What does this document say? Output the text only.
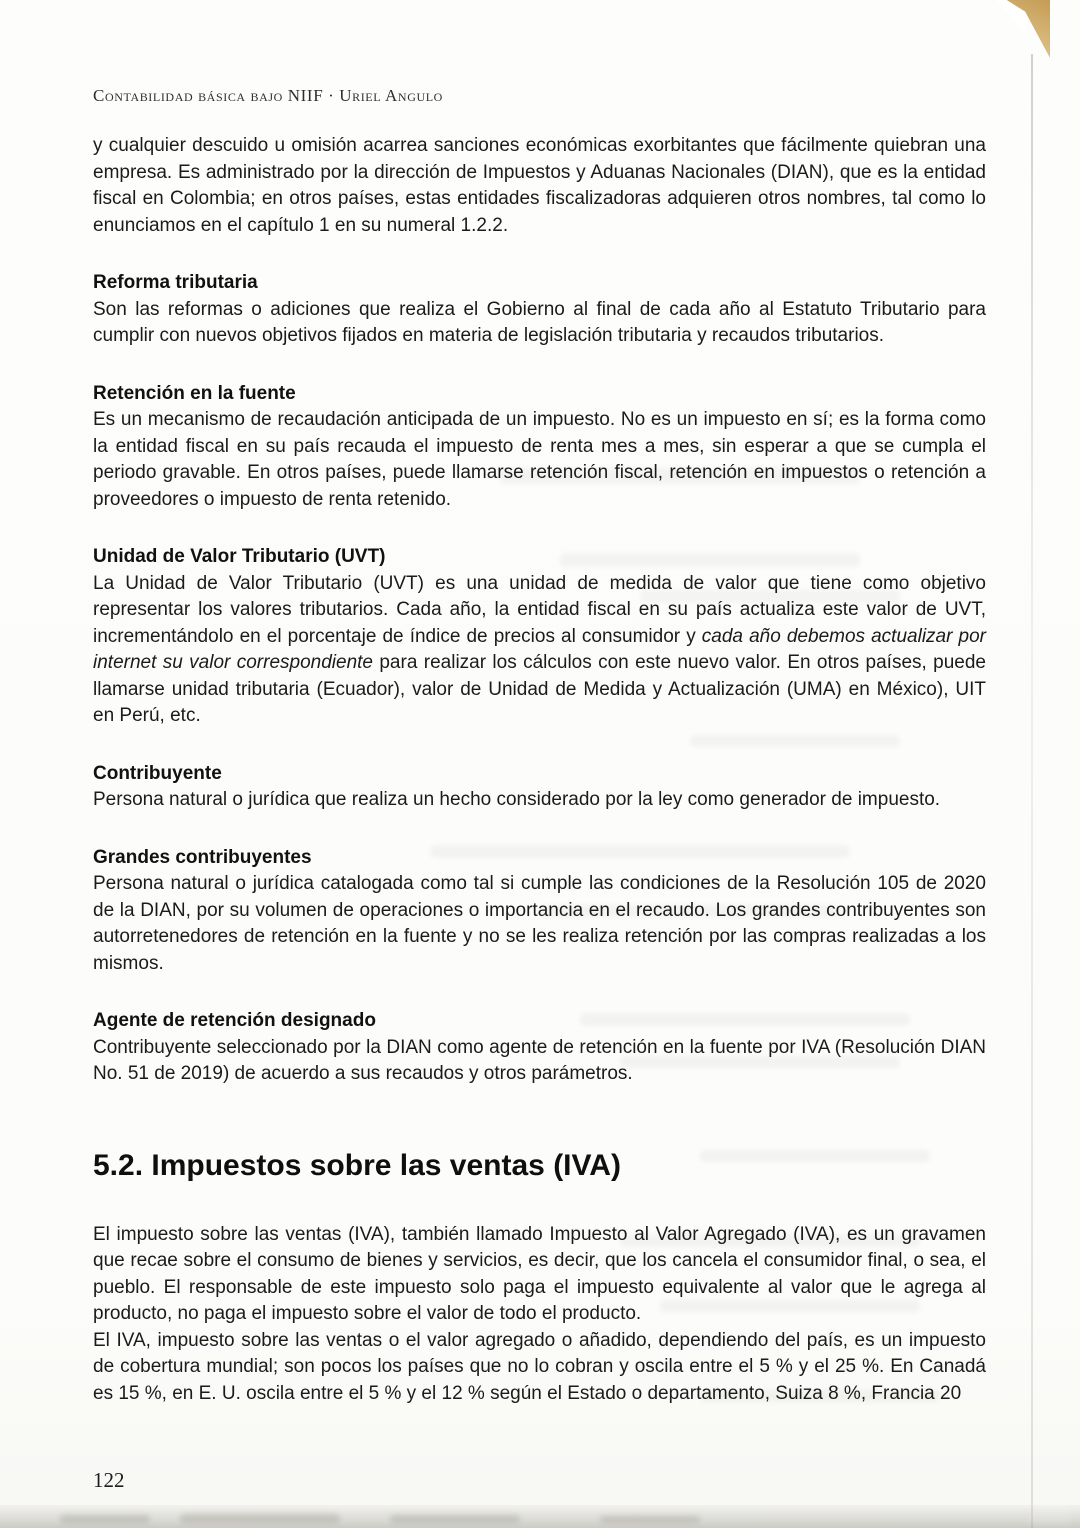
Contabilidad básica bajo NIIF · Uriel Angulo

y cualquier descuido u omisión acarrea sanciones económicas exorbitantes que fácilmente quiebran una empresa. Es administrado por la dirección de Impuestos y Aduanas Nacionales (DIAN), que es la entidad fiscal en Colombia; en otros países, estas entidades fiscalizadoras adquieren otros nombres, tal como lo enunciamos en el capítulo 1 en su numeral 1.2.2.

Reforma tributaria

Son las reformas o adiciones que realiza el Gobierno al final de cada año al Estatuto Tributario para cumplir con nuevos objetivos fijados en materia de legislación tributaria y recaudos tributarios.

Retención en la fuente

Es un mecanismo de recaudación anticipada de un impuesto. No es un impuesto en sí; es la forma como la entidad fiscal en su país recauda el impuesto de renta mes a mes, sin esperar a que se cumpla el periodo gravable. En otros países, puede llamarse retención fiscal, retención en impuestos o retención a proveedores o impuesto de renta retenido.

Unidad de Valor Tributario (UVT)

La Unidad de Valor Tributario (UVT) es una unidad de medida de valor que tiene como objetivo representar los valores tributarios. Cada año, la entidad fiscal en su país actualiza este valor de UVT, incrementándolo en el porcentaje de índice de precios al consumidor y cada año debemos actualizar por internet su valor correspondiente para realizar los cálculos con este nuevo valor. En otros países, puede llamarse unidad tributaria (Ecuador), valor de Unidad de Medida y Actualización (UMA) en México), UIT en Perú, etc.

Contribuyente

Persona natural o jurídica que realiza un hecho considerado por la ley como generador de impuesto.

Grandes contribuyentes

Persona natural o jurídica catalogada como tal si cumple las condiciones de la Resolución 105 de 2020 de la DIAN, por su volumen de operaciones o importancia en el recaudo. Los grandes contribuyentes son autorretenedores de retención en la fuente y no se les realiza retención por las compras realizadas a los mismos.

Agente de retención designado

Contribuyente seleccionado por la DIAN como agente de retención en la fuente por IVA (Resolución DIAN No. 51 de 2019) de acuerdo a sus recaudos y otros parámetros.

5.2. Impuestos sobre las ventas (IVA)

El impuesto sobre las ventas (IVA), también llamado Impuesto al Valor Agregado (IVA), es un gravamen que recae sobre el consumo de bienes y servicios, es decir, que los cancela el consumidor final, o sea, el pueblo. El responsable de este impuesto solo paga el impuesto equivalente al valor que le agrega al producto, no paga el impuesto sobre el valor de todo el producto.

El IVA, impuesto sobre las ventas o el valor agregado o añadido, dependiendo del país, es un impuesto de cobertura mundial; son pocos los países que no lo cobran y oscila entre el 5 % y el 25 %. En Canadá es 15 %, en E. U. oscila entre el 5 % y el 12 % según el Estado o departamento, Suiza 8 %, Francia 20

122
